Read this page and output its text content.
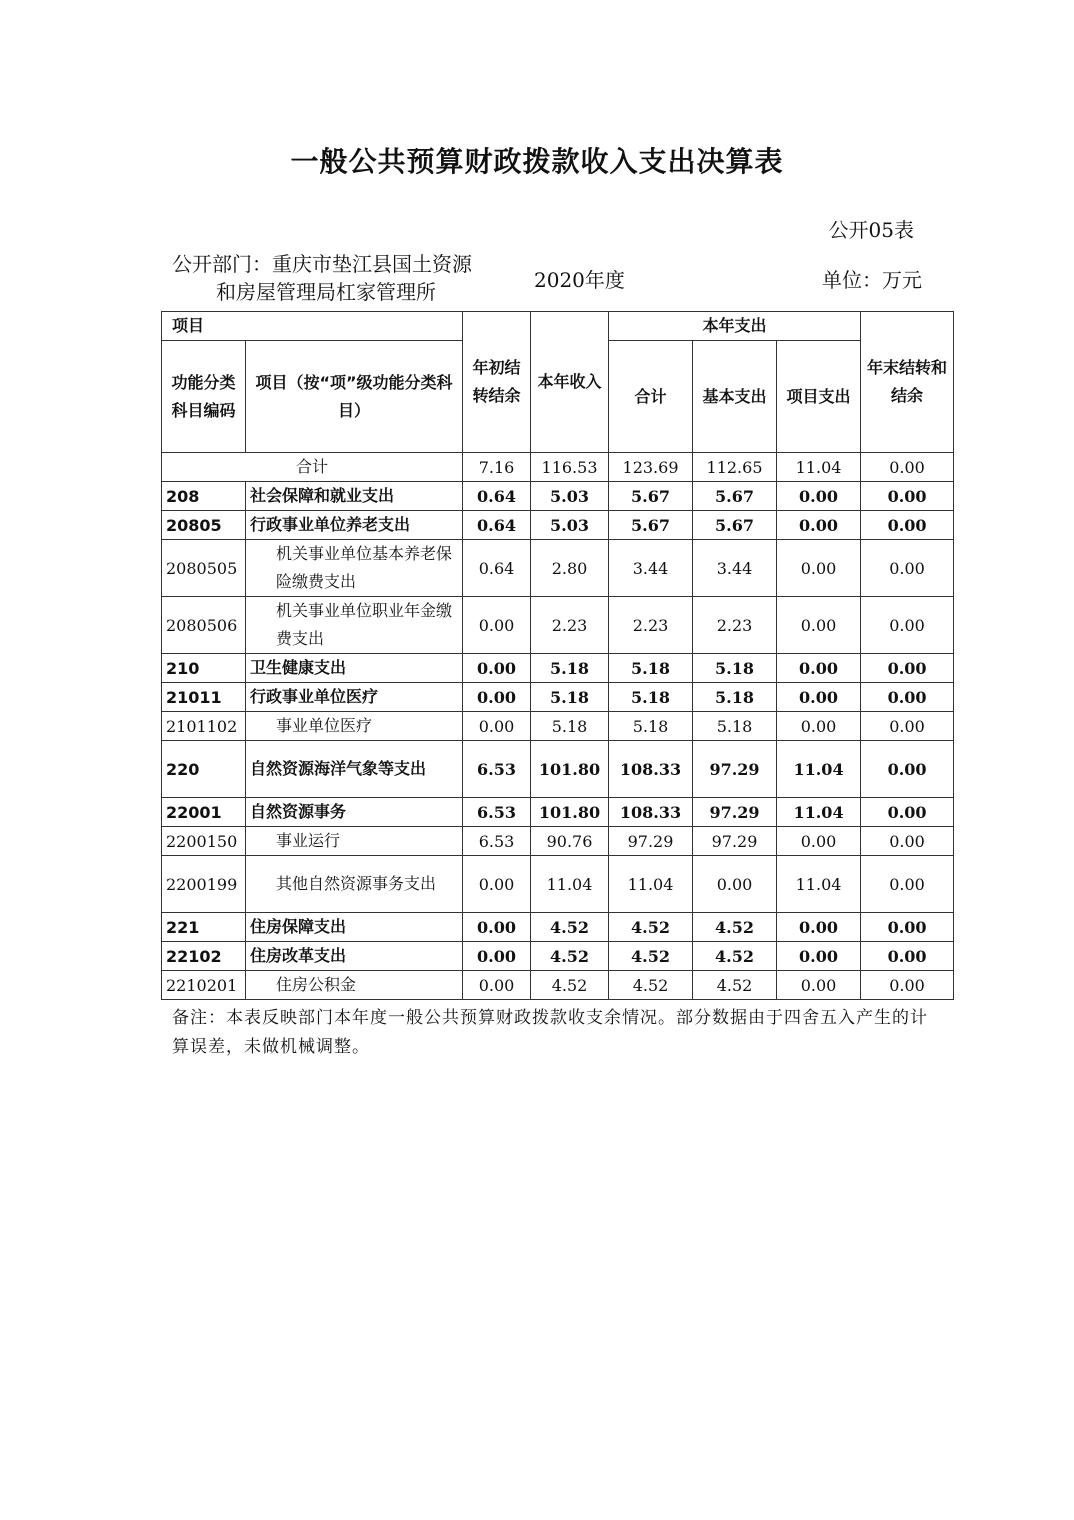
一般公共预算财政拨款收入支出决算表
公开05表
公开部门：重庆市垫江县国土资源
和房屋管理局杠家管理所	2020年度	单位：万元
项目		年初结转结余	本年收入	本年支出			年末结转和结余
功能分类科目编码	项目（按“项”级功能分类科目）			合计	基本支出	项目支出	
合计		7.16	116.53	123.69	112.65	11.04	0.00
208	社会保障和就业支出	0.64	5.03	5.67	5.67	0.00	0.00
20805	行政事业单位养老支出	0.64	5.03	5.67	5.67	0.00	0.00
2080505	机关事业单位基本养老保险缴费支出	0.64	2.80	3.44	3.44	0.00	0.00
2080506	机关事业单位职业年金缴费支出	0.00	2.23	2.23	2.23	0.00	0.00
210	卫生健康支出	0.00	5.18	5.18	5.18	0.00	0.00
21011	行政事业单位医疗	0.00	5.18	5.18	5.18	0.00	0.00
2101102	事业单位医疗	0.00	5.18	5.18	5.18	0.00	0.00
220	自然资源海洋气象等支出	6.53	101.80	108.33	97.29	11.04	0.00
22001	自然资源事务	6.53	101.80	108.33	97.29	11.04	0.00
2200150	事业运行	6.53	90.76	97.29	97.29	0.00	0.00
2200199	其他自然资源事务支出	0.00	11.04	11.04	0.00	11.04	0.00
221	住房保障支出	0.00	4.52	4.52	4.52	0.00	0.00
22102	住房改革支出	0.00	4.52	4.52	4.52	0.00	0.00
2210201	住房公积金	0.00	4.52	4.52	4.52	0.00	0.00
备注：本表反映部门本年度一般公共预算财政拨款收支余情况。部分数据由于四舍五入产生的计算误差，未做机械调整。
